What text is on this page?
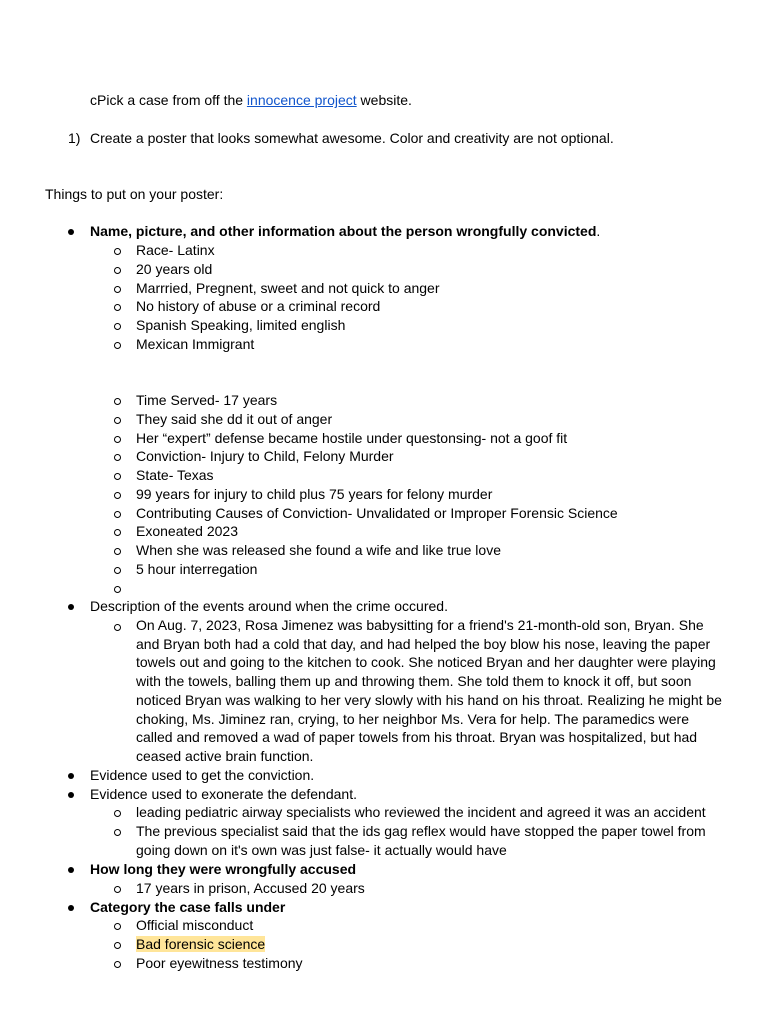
cPick a case from off the innocence project website.
1) Create a poster that looks somewhat awesome. Color and creativity are not optional.
Things to put on your poster:
Name, picture, and other information about the person wrongfully convicted.
Race- Latinx
20 years old
Marrried, Pregnent, sweet and not quick to anger
No history of abuse or a criminal record
Spanish Speaking, limited english
Mexican Immigrant
Time Served- 17 years
They said she dd it out of anger
Her “expert” defense became hostile under questonsing- not a goof fit
Conviction- Injury to Child, Felony Murder
State- Texas
99 years for injury to child plus 75 years for felony murder
Contributing Causes of Conviction- Unvalidated or Improper Forensic Science
Exoneated 2023
When she was released she found a wife and like true love
5 hour interregation
Description of the events around when the crime occured.
On Aug. 7, 2023, Rosa Jimenez was babysitting for a friend's 21-month-old son, Bryan. She and Bryan both had a cold that day, and had helped the boy blow his nose, leaving the paper towels out and going to the kitchen to cook. She noticed Bryan and her daughter were playing with the towels, balling them up and throwing them. She told them to knock it off, but soon noticed Bryan was walking to her very slowly with his hand on his throat. Realizing he might be choking, Ms. Jiminez ran, crying, to her neighbor Ms. Vera for help. The paramedics were called and removed a wad of paper towels from his throat. Bryan was hospitalized, but had ceased active brain function.
Evidence used to get the conviction.
Evidence used to exonerate the defendant.
leading pediatric airway specialists who reviewed the incident and agreed it was an accident
The previous specialist said that the ids gag reflex would have stopped the paper towel from going down on it's own was just false- it actually would have
How long they were wrongfully accused
17 years in prison, Accused 20 years
Category the case falls under
Official misconduct
Bad forensic science
Poor eyewitness testimony
